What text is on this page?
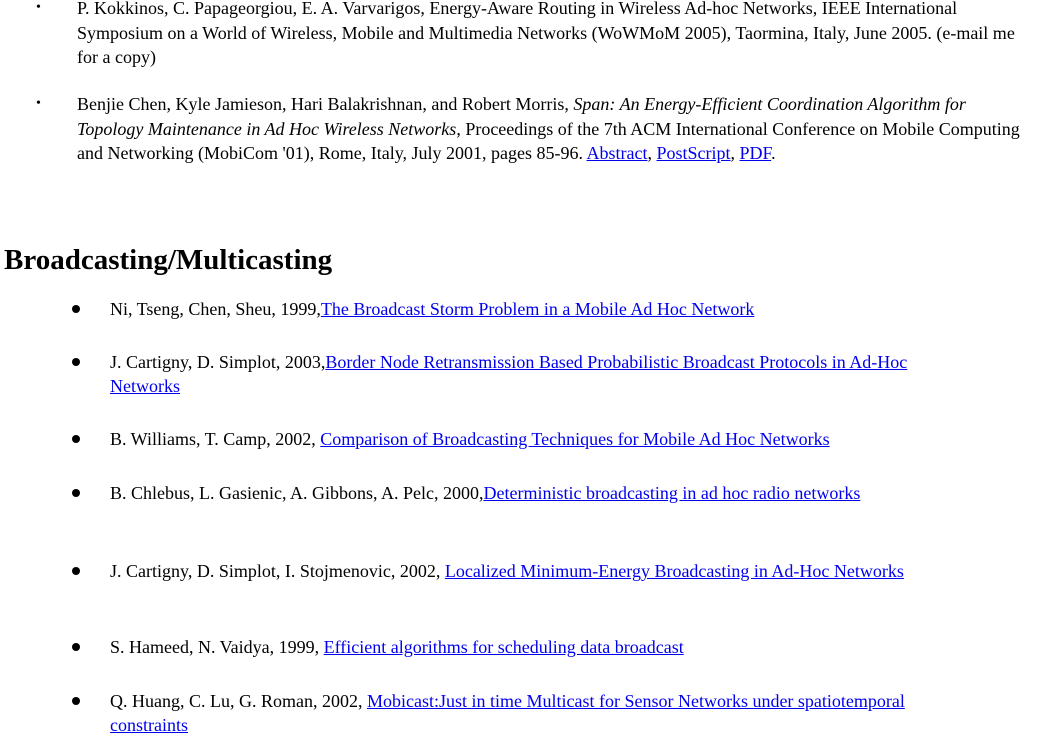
• P. Kokkinos, C. Papageorgiou, E. A. Varvarigos, Energy-Aware Routing in Wireless Ad-hoc Networks, IEEE International Symposium on a World of Wireless, Mobile and Multimedia Networks (WoWMoM 2005), Taormina, Italy, June 2005. (e-mail me for a copy)
• Benjie Chen, Kyle Jamieson, Hari Balakrishnan, and Robert Morris, Span: An Energy-Efficient Coordination Algorithm for Topology Maintenance in Ad Hoc Wireless Networks, Proceedings of the 7th ACM International Conference on Mobile Computing and Networking (MobiCom '01), Rome, Italy, July 2001, pages 85-96. Abstract, PostScript, PDF.
Broadcasting/Multicasting
Ni, Tseng, Chen, Sheu, 1999,The Broadcast Storm Problem in a Mobile Ad Hoc Network
J. Cartigny, D. Simplot, 2003,Border Node Retransmission Based Probabilistic Broadcast Protocols in Ad-Hoc Networks
B. Williams, T. Camp, 2002, Comparison of Broadcasting Techniques for Mobile Ad Hoc Networks
B. Chlebus, L. Gasienic, A. Gibbons, A. Pelc, 2000,Deterministic broadcasting in ad hoc radio networks
J. Cartigny, D. Simplot, I. Stojmenovic, 2002, Localized Minimum-Energy Broadcasting in Ad-Hoc Networks
S. Hameed, N. Vaidya, 1999, Efficient algorithms for scheduling data broadcast
Q. Huang, C. Lu, G. Roman, 2002, Mobicast:Just in time Multicast for Sensor Networks under spatiotemporal constraints
